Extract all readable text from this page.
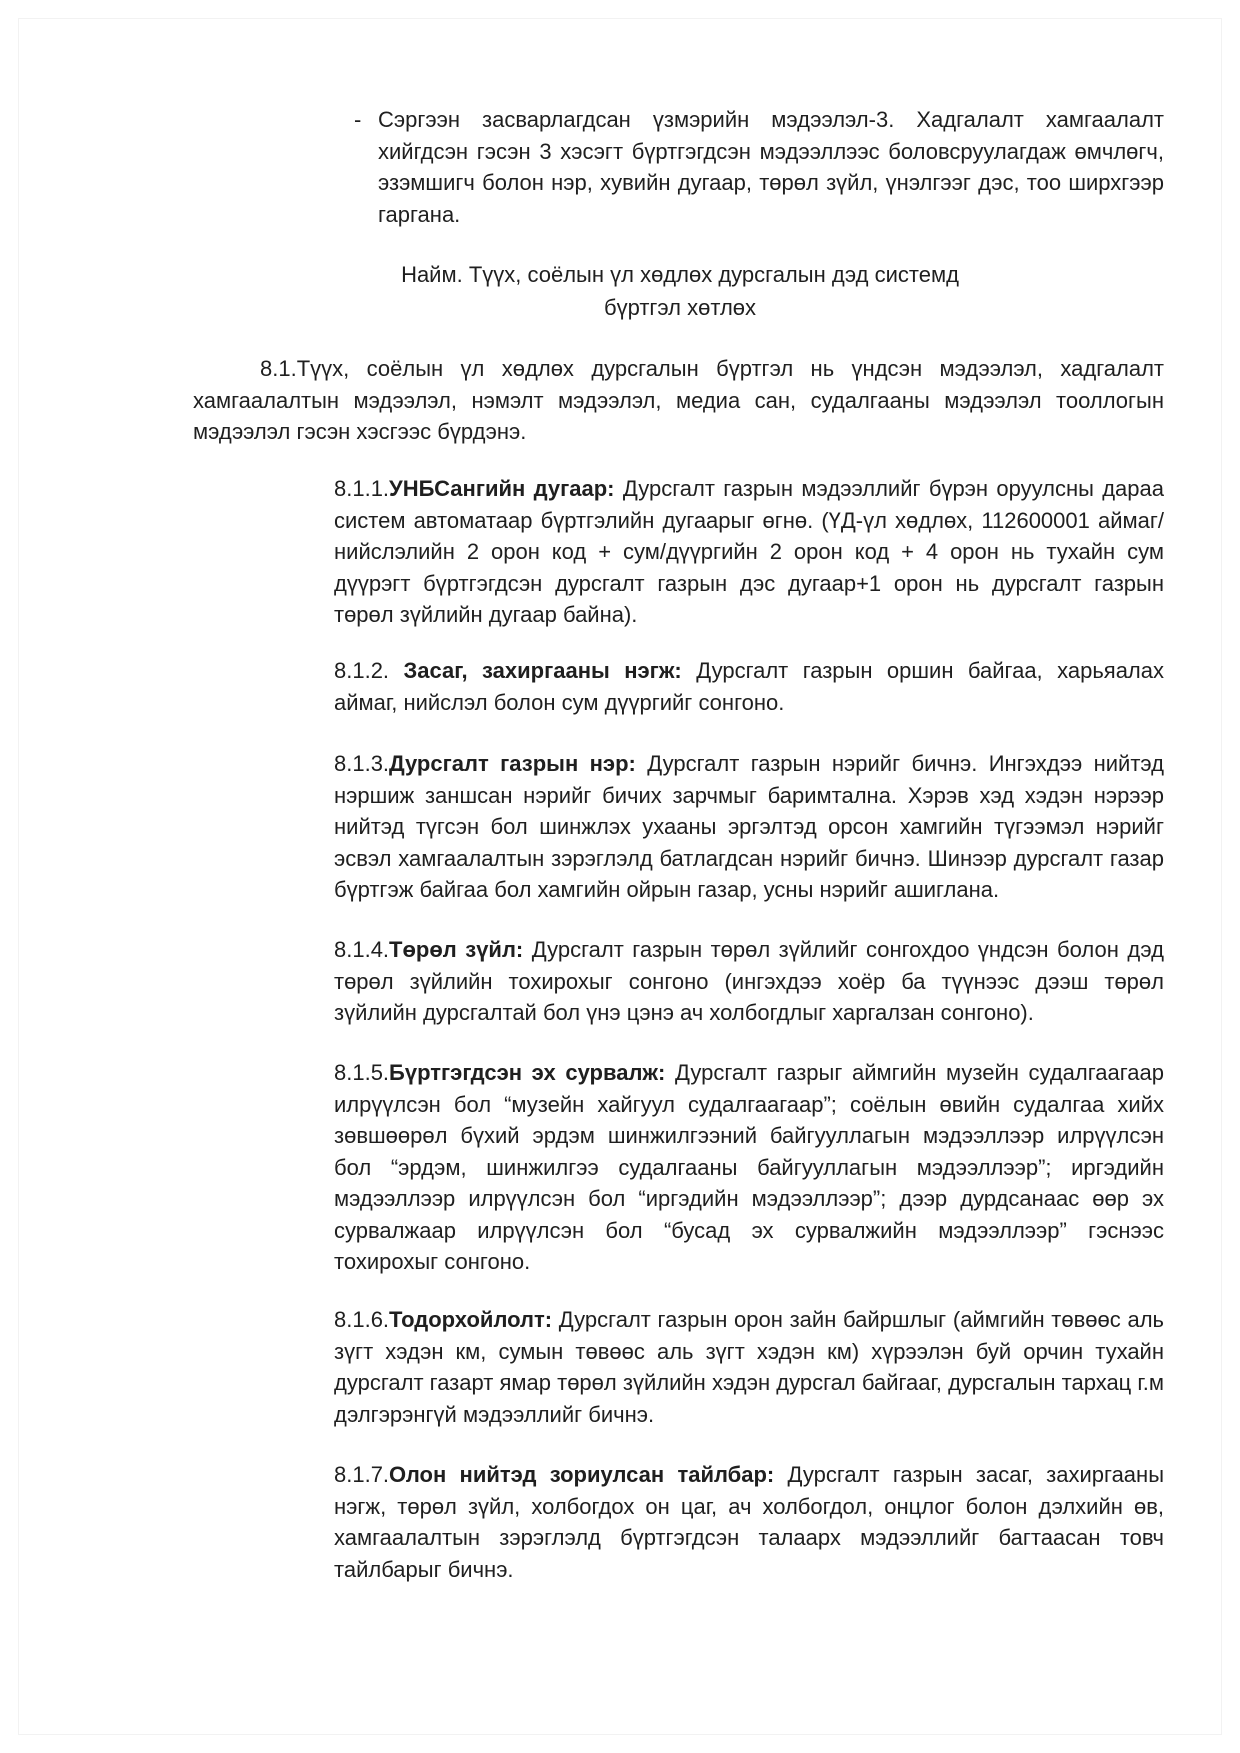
- Сэргээн засварлагдсан үзмэрийн мэдээлэл-3. Хадгалалт хамгаалалт хийгдсэн гэсэн 3 хэсэгт бүртгэгдсэн мэдээллээс боловсруулагдаж өмчлөгч, эзэмшигч болон нэр, хувийн дугаар, төрөл зүйл, үнэлгээг дэс, тоо ширхгээр гаргана.
Найм. Түүх, соёлын үл хөдлөх дурсгалын дэд системд
бүртгэл хөтлөх

8.1.Түүх, соёлын үл хөдлөх дурсгалын бүртгэл нь үндсэн мэдээлэл, хадгалалт хамгаалалтын мэдээлэл, нэмэлт мэдээлэл, медиа сан, судалгааны мэдээлэл тооллогын мэдээлэл гэсэн хэсгээс бүрдэнэ.

8.1.1.УНБСангийн дугаар: Дурсгалт газрын мэдээллийг бүрэн оруулсны дараа систем автоматаар бүртгэлийн дугаарыг өгнө. (ҮД-үл хөдлөх, 112600001 аймаг/нийслэлийн 2 орон код + сум/дүүргийн 2 орон код + 4 орон нь тухайн сум дүүрэгт бүртгэгдсэн дурсгалт газрын дэс дугаар+1 орон нь дурсгалт газрын төрөл зүйлийн дугаар байна).

8.1.2. Засаг, захиргааны нэгж: Дурсгалт газрын оршин байгаа, харьяалах аймаг, нийслэл болон сум дүүргийг сонгоно.

8.1.3.Дурсгалт газрын нэр: Дурсгалт газрын нэрийг бичнэ. Ингэхдээ нийтэд нэршиж заншсан нэрийг бичих зарчмыг баримтална. Хэрэв хэд хэдэн нэрээр нийтэд түгсэн бол шинжлэх ухааны эргэлтэд орсон хамгийн түгээмэл нэрийг эсвэл хамгаалалтын зэрэглэлд батлагдсан нэрийг бичнэ. Шинээр дурсгалт газар бүртгэж байгаа бол хамгийн ойрын газар, усны нэрийг ашиглана.

8.1.4.Төрөл зүйл: Дурсгалт газрын төрөл зүйлийг сонгохдоо үндсэн болон дэд төрөл зүйлийн тохирохыг сонгоно (ингэхдээ хоёр ба түүнээс дээш төрөл зүйлийн дурсгалтай бол үнэ цэнэ ач холбогдлыг харгалзан сонгоно).

8.1.5.Бүртгэгдсэн эх сурвалж: Дурсгалт газрыг аймгийн музейн судалгаагаар илрүүлсэн бол “музейн хайгуул судалгаагаар”; соёлын өвийн судалгаа хийх зөвшөөрөл бүхий эрдэм шинжилгээний байгууллагын мэдээллээр илрүүлсэн бол “эрдэм, шинжилгээ судалгааны байгууллагын мэдээллээр”; иргэдийн мэдээллээр илрүүлсэн бол “иргэдийн мэдээллээр”; дээр дурдсанаас өөр эх сурвалжаар илрүүлсэн бол “бусад эх сурвалжийн мэдээллээр” гэснээс тохирохыг сонгоно.

8.1.6.Тодорхойлолт: Дурсгалт газрын орон зайн байршлыг (аймгийн төвөөс аль зүгт хэдэн км, сумын төвөөс аль зүгт хэдэн км) хүрээлэн буй орчин тухайн дурсгалт газарт ямар төрөл зүйлийн хэдэн дурсгал байгааг, дурсгалын тархац г.м дэлгэрэнгүй мэдээллийг бичнэ.

8.1.7.Олон нийтэд зориулсан тайлбар: Дурсгалт газрын засаг, захиргааны нэгж, төрөл зүйл, холбогдох он цаг, ач холбогдол, онцлог болон дэлхийн өв, хамгаалалтын зэрэглэлд бүртгэгдсэн талаарх мэдээллийг багтаасан товч тайлбарыг бичнэ.
